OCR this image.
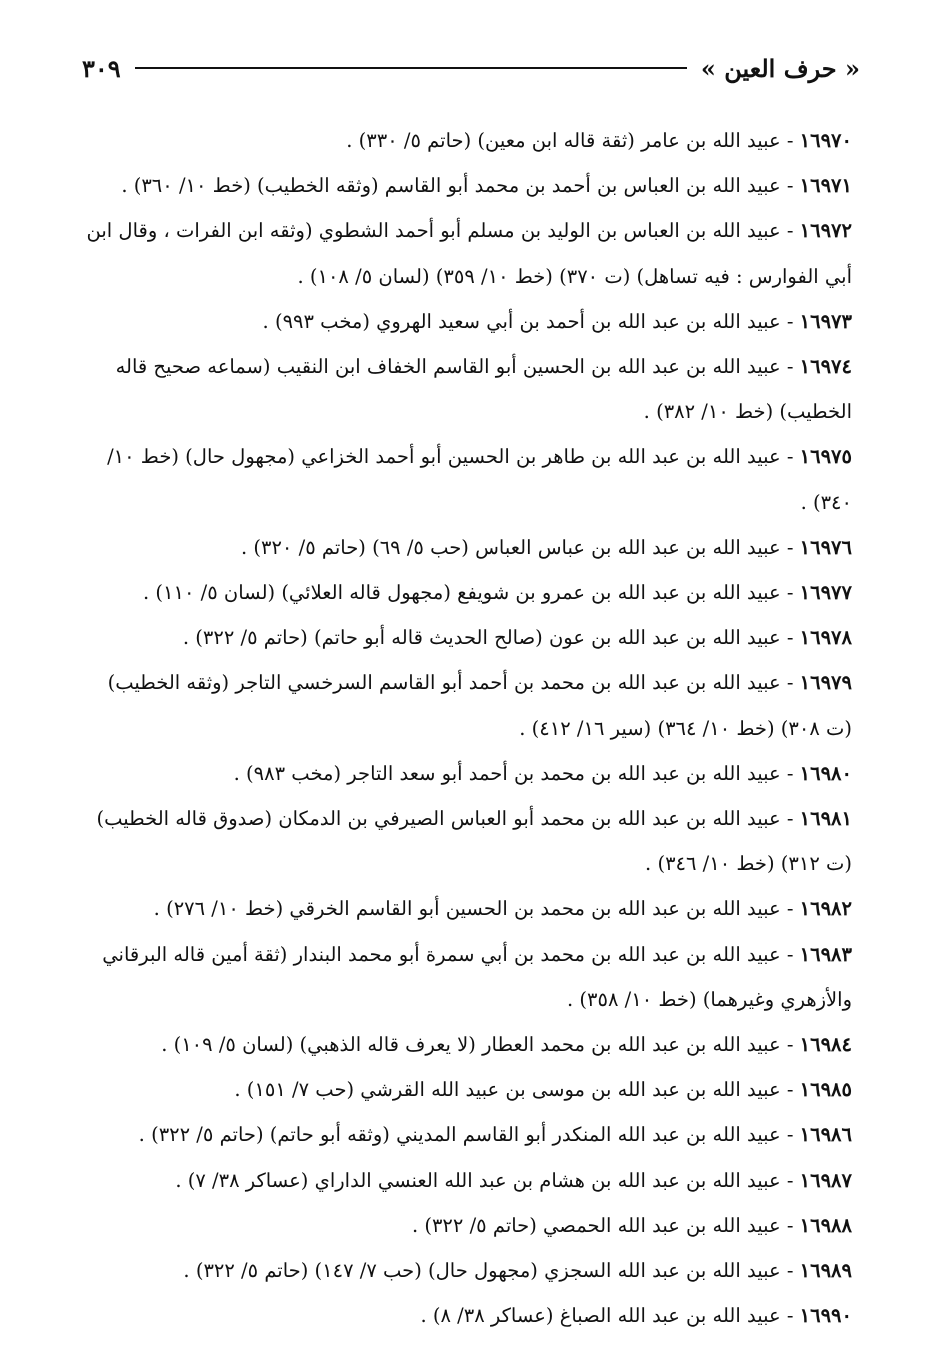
« حرف العين »
٣٠٩

١٦٩٧٠ - عبيد الله بن عامر (ثقة قاله ابن معين) (حاتم ٥/ ٣٣٠) .

١٦٩٧١ - عبيد الله بن العباس بن أحمد بن محمد أبو القاسم (وثقه الخطيب) (خط ١٠/ ٣٦٠) .

١٦٩٧٢ - عبيد الله بن العباس بن الوليد بن مسلم أبو أحمد الشطوي (وثقه ابن الفرات ، وقال ابن أبي الفوارس : فيه تساهل) (ت ٣٧٠) (خط ١٠/ ٣٥٩) (لسان ٥/ ١٠٨) .

١٦٩٧٣ - عبيد الله بن عبد الله بن أحمد بن أبي سعيد الهروي (مخب ٩٩٣) .

١٦٩٧٤ - عبيد الله بن عبد الله بن الحسين أبو القاسم الخفاف ابن النقيب (سماعه صحيح قاله الخطيب) (خط ١٠/ ٣٨٢) .

١٦٩٧٥ - عبيد الله بن عبد الله بن طاهر بن الحسين أبو أحمد الخزاعي (مجهول حال) (خط ١٠/ ٣٤٠) .

١٦٩٧٦ - عبيد الله بن عبد الله بن عباس العباس (حب ٥/ ٦٩) (حاتم ٥/ ٣٢٠) .

١٦٩٧٧ - عبيد الله بن عبد الله بن عمرو بن شويفع (مجهول قاله العلائي) (لسان ٥/ ١١٠) .

١٦٩٧٨ - عبيد الله بن عبد الله بن عون (صالح الحديث قاله أبو حاتم) (حاتم ٥/ ٣٢٢) .

١٦٩٧٩ - عبيد الله بن عبد الله بن محمد بن أحمد أبو القاسم السرخسي التاجر (وثقه الخطيب) (ت ٣٠٨) (خط ١٠/ ٣٦٤) (سير ١٦/ ٤١٢) .

١٦٩٨٠ - عبيد الله بن عبد الله بن محمد بن أحمد أبو سعد التاجر (مخب ٩٨٣) .

١٦٩٨١ - عبيد الله بن عبد الله بن محمد أبو العباس الصيرفي بن الدمكان (صدوق قاله الخطيب) (ت ٣١٢) (خط ١٠/ ٣٤٦) .

١٦٩٨٢ - عبيد الله بن عبد الله بن محمد بن الحسين أبو القاسم الخرقي (خط ١٠/ ٢٧٦) .

١٦٩٨٣ - عبيد الله بن عبد الله بن محمد بن أبي سمرة أبو محمد البندار (ثقة أمين قاله البرقاني والأزهري وغيرهما) (خط ١٠/ ٣٥٨) .

١٦٩٨٤ - عبيد الله بن عبد الله بن محمد العطار (لا يعرف قاله الذهبي) (لسان ٥/ ١٠٩) .

١٦٩٨٥ - عبيد الله بن عبد الله بن موسى بن عبيد الله القرشي (حب ٧/ ١٥١) .

١٦٩٨٦ - عبيد الله بن عبد الله المنكدر أبو القاسم المديني (وثقه أبو حاتم) (حاتم ٥/ ٣٢٢) .

١٦٩٨٧ - عبيد الله بن عبد الله بن هشام بن عبد الله العنسي الداراي (عساكر ٣٨/ ٧) .

١٦٩٨٨ - عبيد الله بن عبد الله الحمصي (حاتم ٥/ ٣٢٢) .

١٦٩٨٩ - عبيد الله بن عبد الله السجزي (مجهول حال) (حب ٧/ ١٤٧) (حاتم ٥/ ٣٢٢) .

١٦٩٩٠ - عبيد الله بن عبد الله الصباغ (عساكر ٣٨/ ٨) .
